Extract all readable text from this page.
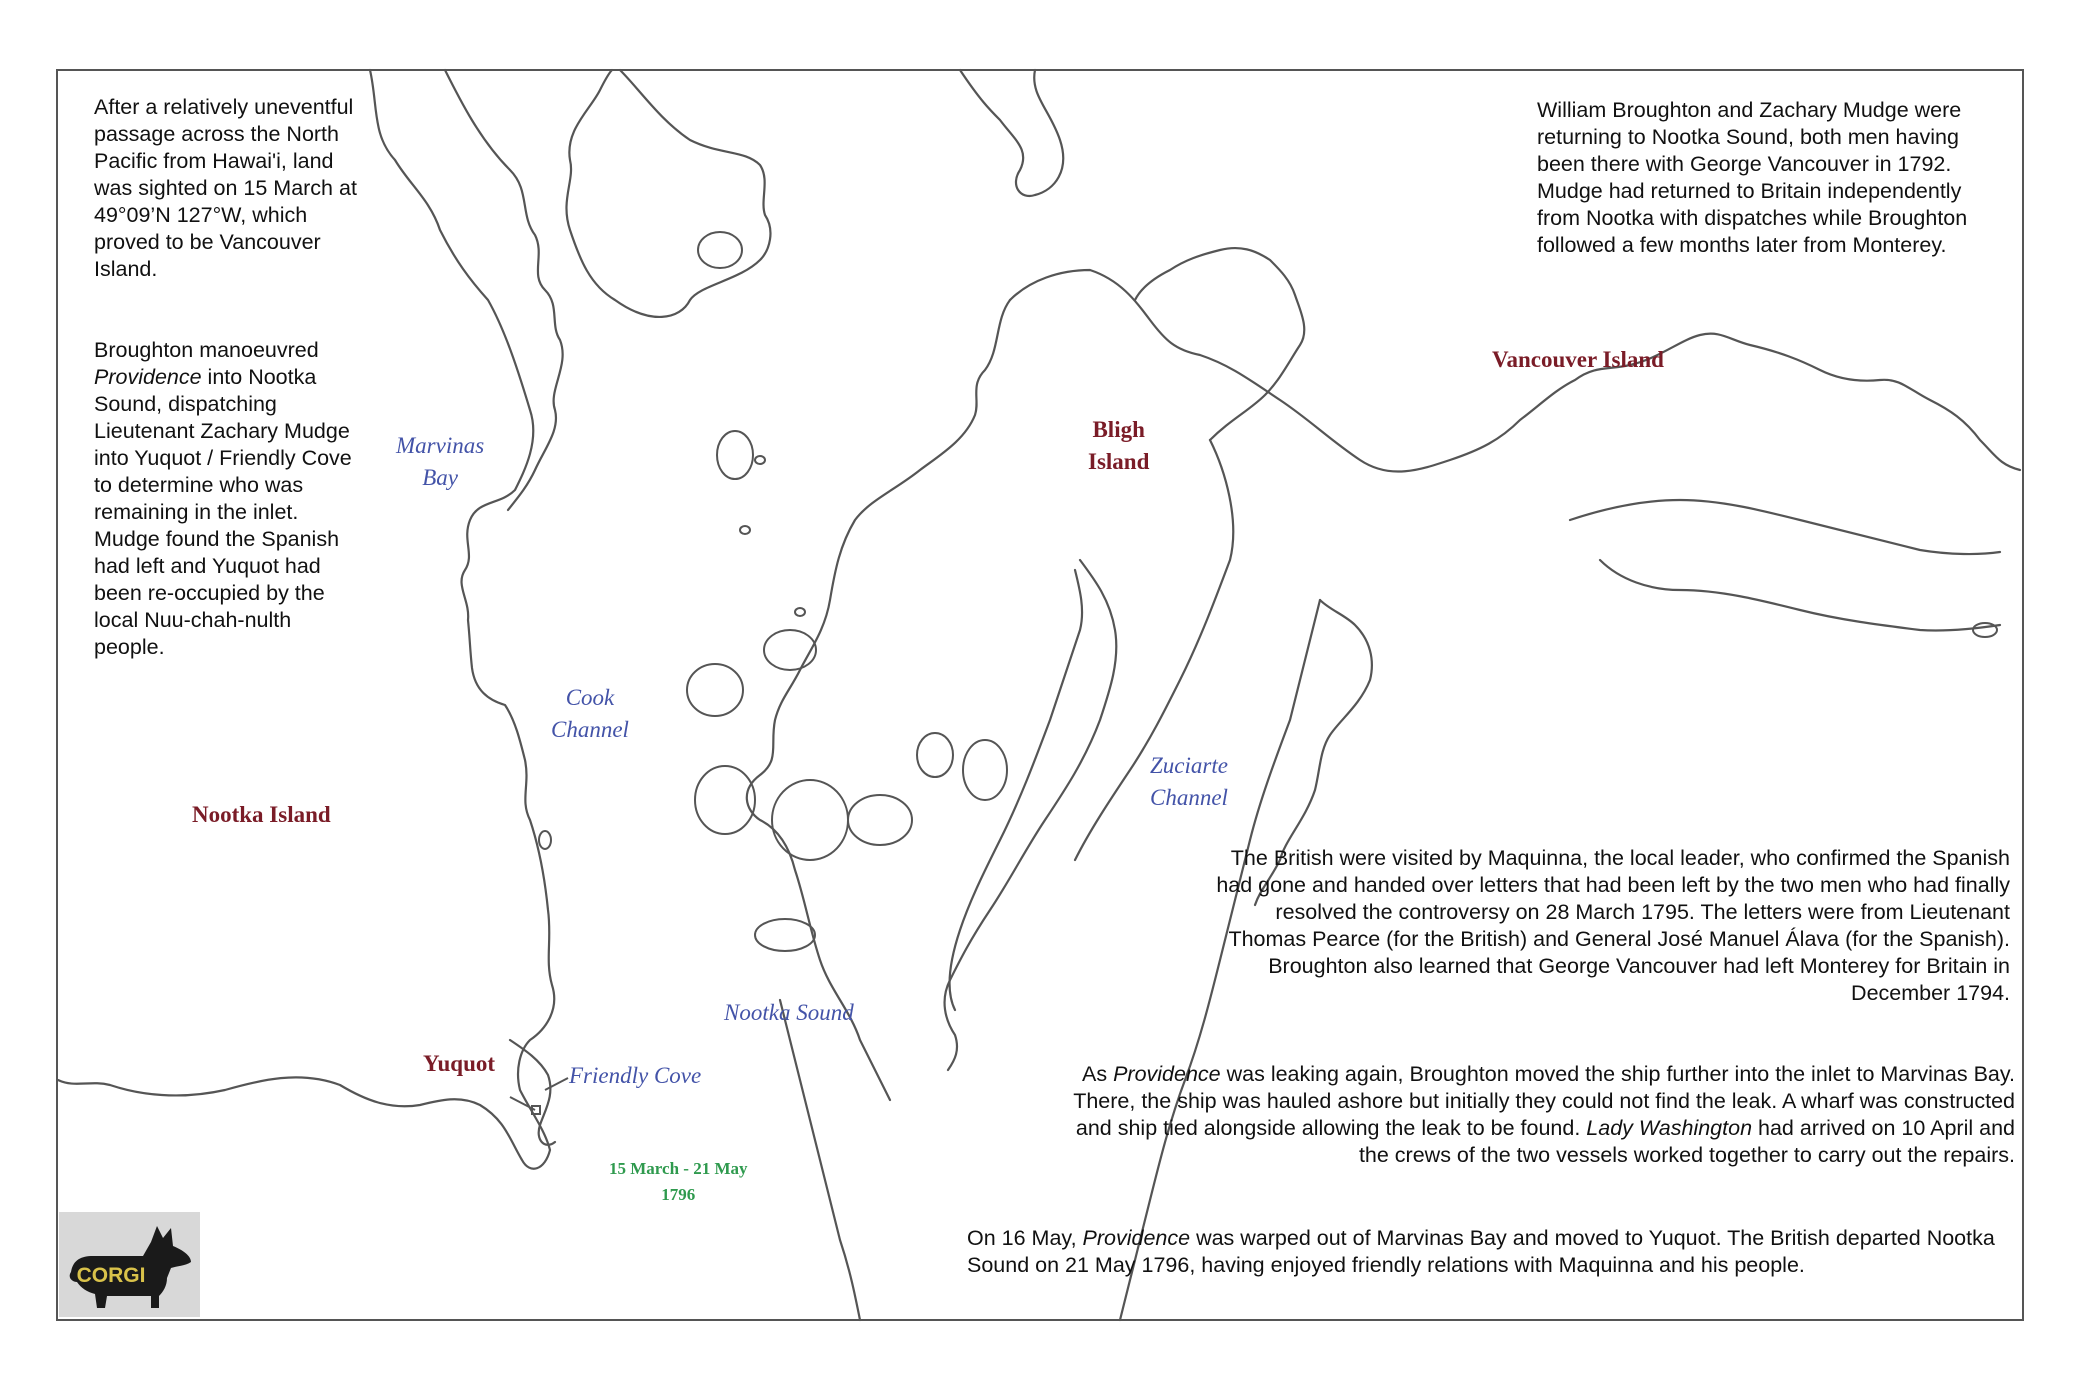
After a relatively uneventful passage across the North Pacific from Hawai'i, land was sighted on 15 March at 49°09’N 127°W, which proved to be Vancouver Island.

Broughton manoeuvred Providence into Nootka Sound, dispatching Lieutenant Zachary Mudge into Yuquot / Friendly Cove to determine who was remaining in the inlet. Mudge found the Spanish had left and Yuquot had been re-occupied by the local Nuu-chah-nulth people.

William Broughton and Zachary Mudge were returning to Nootka Sound, both men having been there with George Vancouver in 1792. Mudge had returned to Britain independently from Nootka with dispatches while Broughton followed a few months later from Monterey.

The British were visited by Maquinna, the local leader, who confirmed the Spanish had gone and handed over letters that had been left by the two men who had finally resolved the controversy on 28 March 1795. The letters were from Lieutenant Thomas Pearce (for the British) and General José Manuel Álava (for the Spanish). Broughton also learned that George Vancouver had left Monterey for Britain in December 1794.

As Providence was leaking again, Broughton moved the ship further into the inlet to Marvinas Bay. There, the ship was hauled ashore but initially they could not find the leak. A wharf was constructed and ship tied alongside allowing the leak to be found. Lady Washington had arrived on 10 April and the crews of the two vessels worked together to carry out the repairs.

On 16 May, Providence was warped out of Marvinas Bay and moved to Yuquot. The British departed Nootka Sound on 21 May 1796, having enjoyed friendly relations with Maquinna and his people.

Vancouver Island
Bligh
Island
Nootka Island
Yuquot
Marvinas
Bay
Cook
Channel
Zuciarte
Channel
Nootka Sound
Friendly Cove
15 March - 21 May
1796
CORGI
